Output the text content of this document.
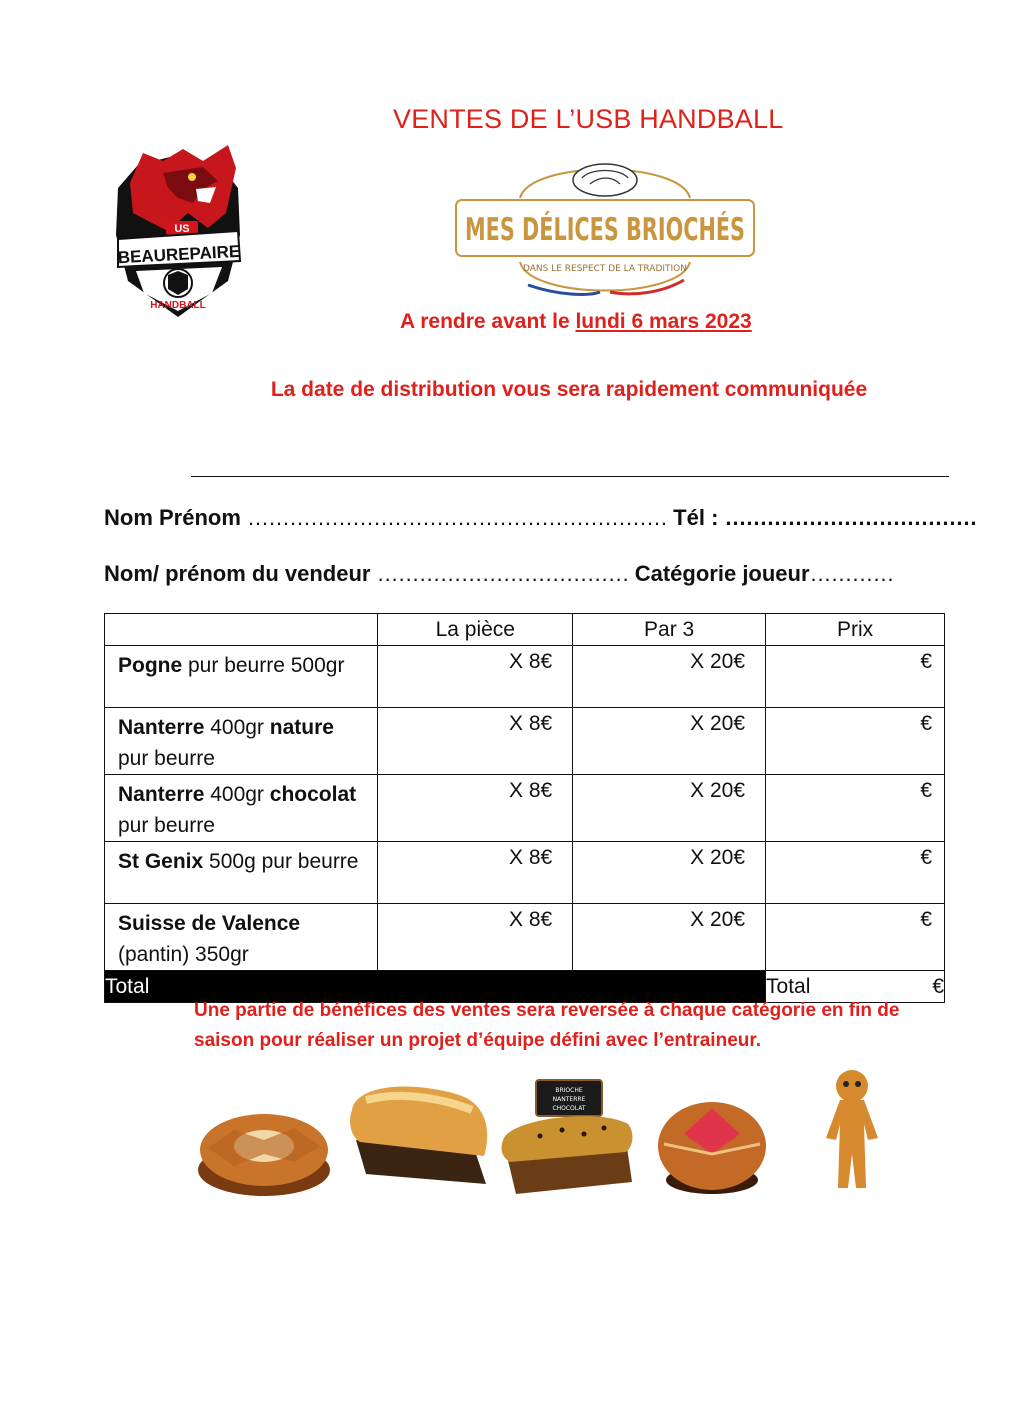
VENTES DE L’USB HANDBALL
US
BEAUREPAIRE
HANDBALL
MES DÉLICES BRIOCHÉS
DANS LE RESPECT DE LA TRADITION
A rendre avant le lundi 6 mars 2023
La date de distribution vous sera rapidement communiquée
Nom Prénom …………………………………………………… Tél : ………………………………
Nom/ prénom du vendeur ……………………………… Catégorie joueur…………
	La pièce	Par 3	Prix
Pogne pur beurre 500gr	X 8€	X 20€	€
Nanterre 400gr nature pur beurre	X 8€	X 20€	€
Nanterre 400gr chocolat pur beurre	X 8€	X 20€	€
St Genix 500g pur beurre	X 8€	X 20€	€
Suisse de Valence (pantin) 350gr	X 8€	X 20€	€
Total			Total €
Une partie de bénéfices des ventes sera reversée à chaque catégorie en fin de saison pour réaliser un projet d’équipe défini avec l’entraineur.
BRIOCHE NANTERRE CHOCOLAT
